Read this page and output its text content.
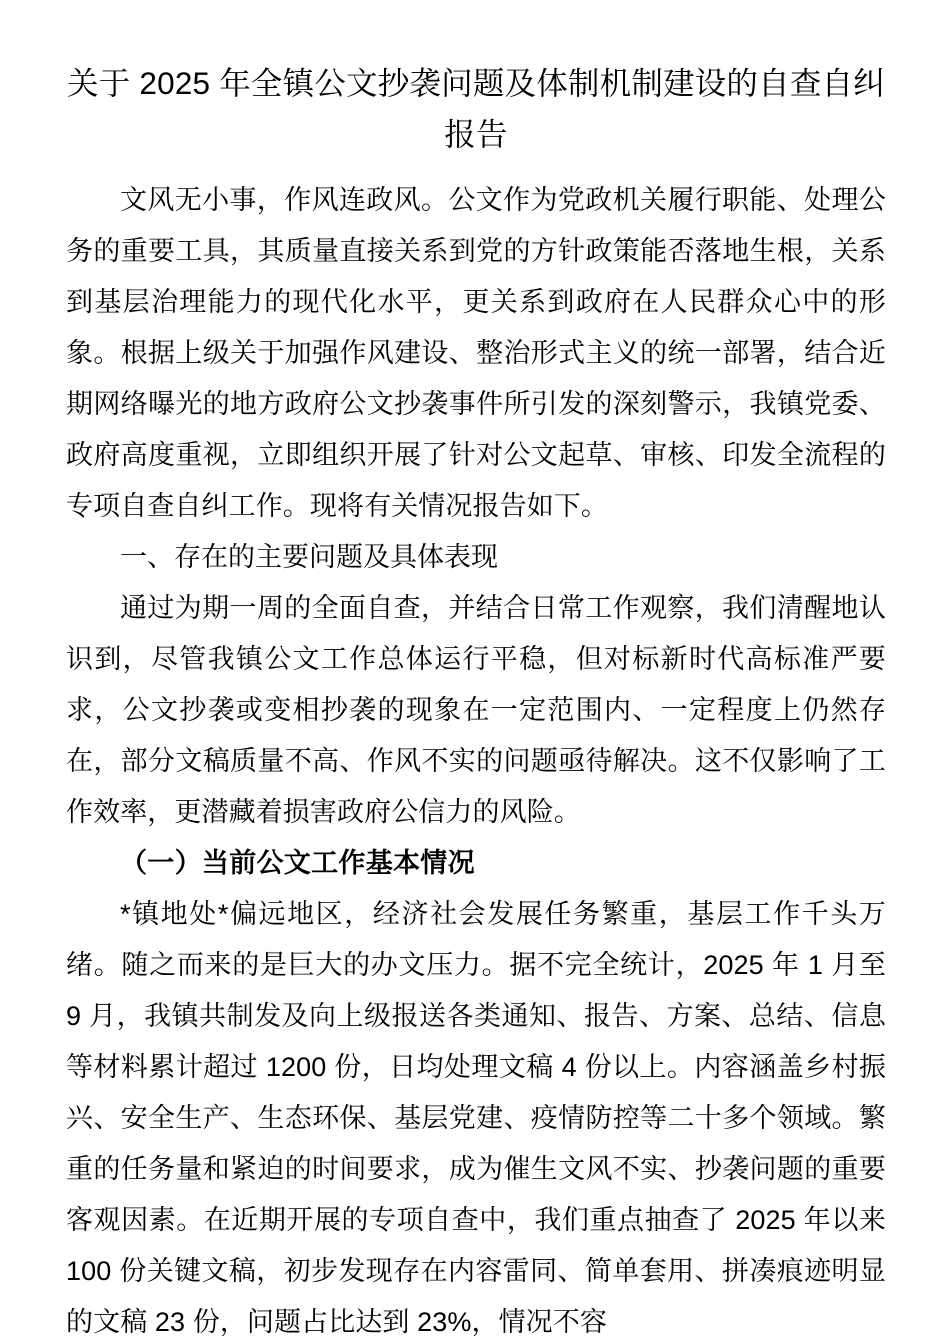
关于 2025 年全镇公文抄袭问题及体制机制建设的自查自纠报告

文风无小事，作风连政风。公文作为党政机关履行职能、处理公务的重要工具，其质量直接关系到党的方针政策能否落地生根，关系到基层治理能力的现代化水平，更关系到政府在人民群众心中的形象。根据上级关于加强作风建设、整治形式主义的统一部署，结合近期网络曝光的地方政府公文抄袭事件所引发的深刻警示，我镇党委、政府高度重视，立即组织开展了针对公文起草、审核、印发全流程的专项自查自纠工作。现将有关情况报告如下。

一、存在的主要问题及具体表现

通过为期一周的全面自查，并结合日常工作观察，我们清醒地认识到，尽管我镇公文工作总体运行平稳，但对标新时代高标准严要求，公文抄袭或变相抄袭的现象在一定范围内、一定程度上仍然存在，部分文稿质量不高、作风不实的问题亟待解决。这不仅影响了工作效率，更潜藏着损害政府公信力的风险。

（一）当前公文工作基本情况

*镇地处*偏远地区，经济社会发展任务繁重，基层工作千头万绪。随之而来的是巨大的办文压力。据不完全统计，2025 年 1 月至 9 月，我镇共制发及向上级报送各类通知、报告、方案、总结、信息等材料累计超过 1200 份，日均处理文稿 4 份以上。内容涵盖乡村振兴、安全生产、生态环保、基层党建、疫情防控等二十多个领域。繁重的任务量和紧迫的时间要求，成为催生文风不实、抄袭问题的重要客观因素。在近期开展的专项自查中，我们重点抽查了 2025 年以来 100 份关键文稿，初步发现存在内容雷同、简单套用、拼凑痕迹明显的文稿 23 份，问题占比达到 23%，情况不容
